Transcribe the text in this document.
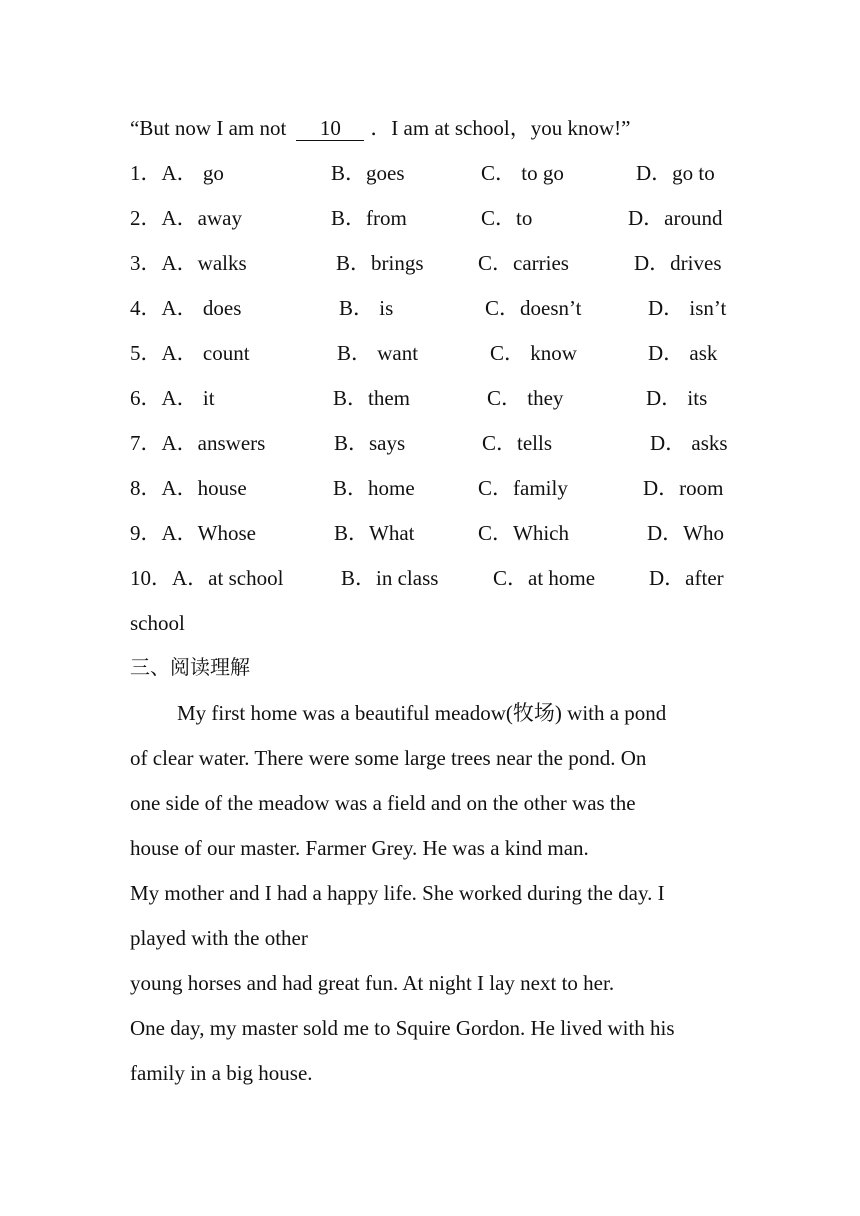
“But now I am not 10 ．I am at school，you know!”
1．A． go	B．goes	C． to go	D．go to
2．A．away	B．from	C．to	D．around
3．A．walks	B．brings	C．carries	D．drives
4．A． does	B． is	C．doesn’t	D． isn’t
5．A． count	B． want	C． know	D． ask
6．A． it	B．them	C． they	D． its
7．A．answers	B．says	C．tells	D． asks
8．A．house	B．home	C．family	D．room
9．A．Whose	B．What	C．Which	D．Who
10．A．at school	B．in class	C．at home	D．after
school
三、阅读理解
My first home was a beautiful meadow(牧场) with a pond
of clear water. There were some large trees near the pond. On
one side of the meadow was a field and on the other was the
house of our master. Farmer Grey. He was a kind man.
My mother and I had a happy life. She worked during the day. I
played with the other
young horses and had great fun. At night I lay next to her.
One day, my master sold me to Squire Gordon. He lived with his
family in a big house.
